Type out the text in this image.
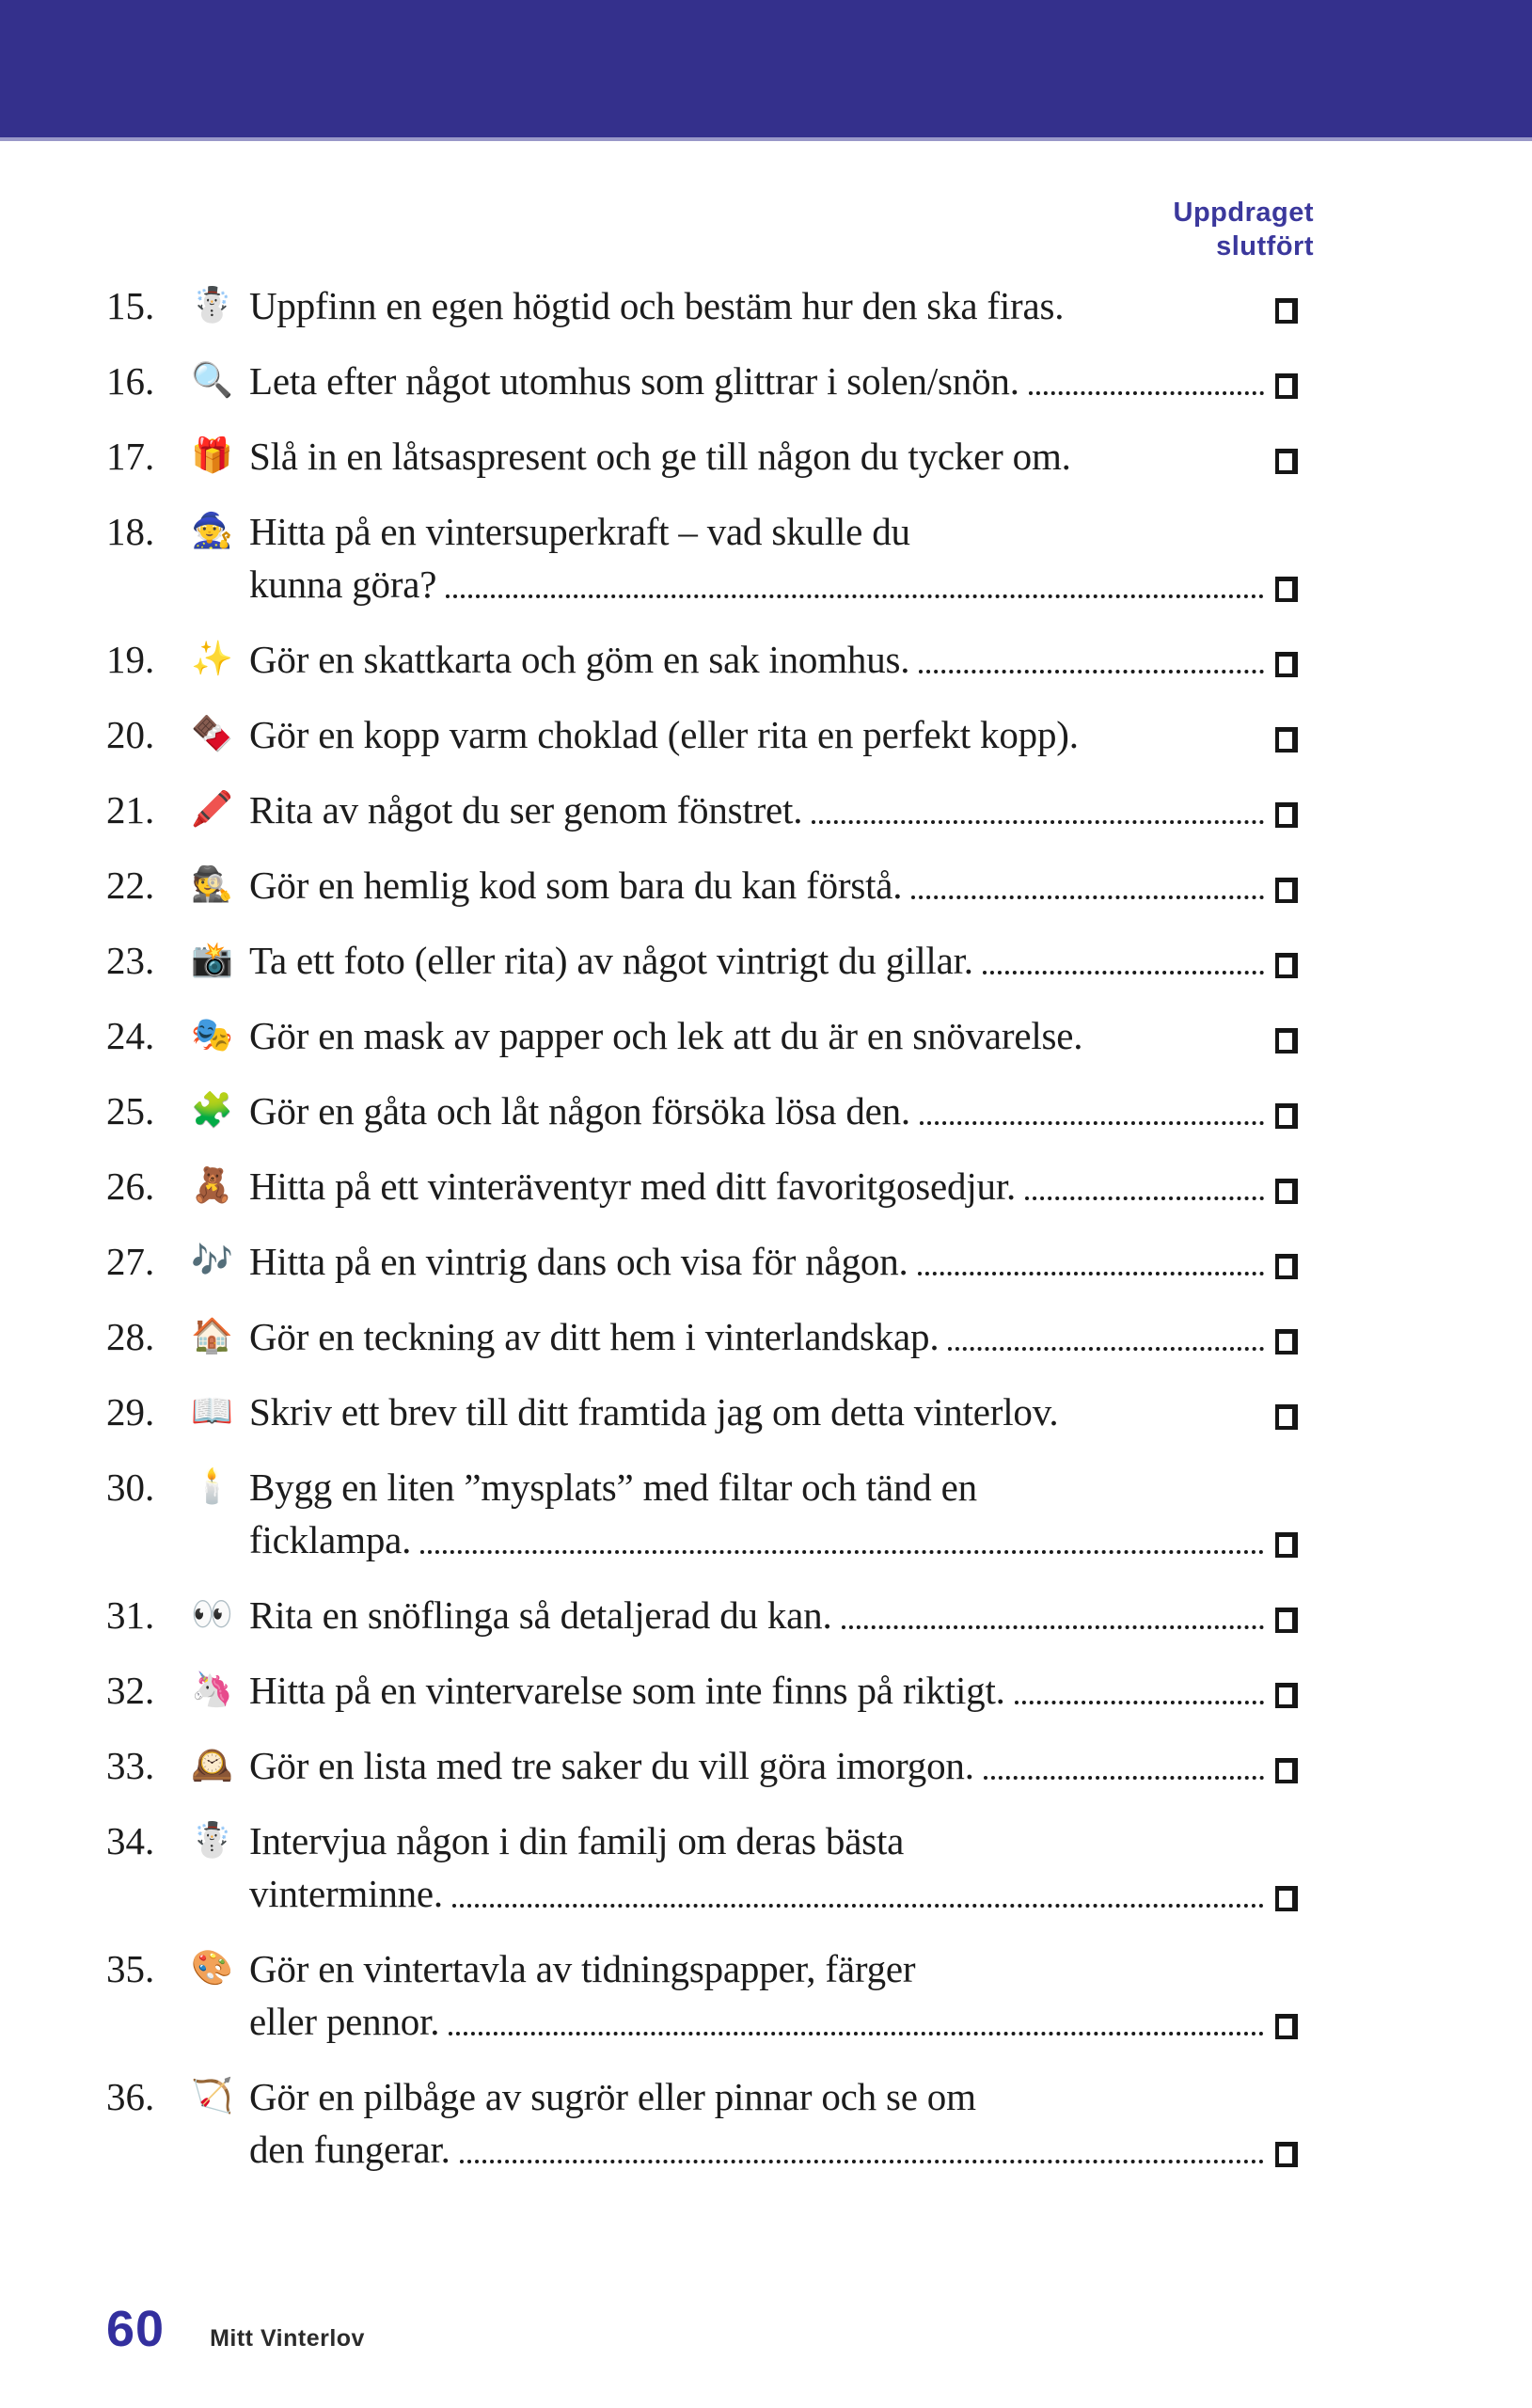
Uppdraget
slutfört
15.	☃️ Uppfinn en egen högtid och bestäm hur den ska firas.
16.	🔍 Leta efter något utomhus som glittrar i solen/snön.
17.	🎁 Slå in en låtsaspresent och ge till någon du tycker om.
18.	🧙 Hitta på en vintersuperkraft – vad skulle du
kunna göra?
19.	✨ Gör en skattkarta och göm en sak inomhus.
20.	🍫 Gör en kopp varm choklad (eller rita en perfekt kopp).
21.	🖍️ Rita av något du ser genom fönstret.
22.	🕵️ Gör en hemlig kod som bara du kan förstå.
23.	📸 Ta ett foto (eller rita) av något vintrigt du gillar.
24.	🎭 Gör en mask av papper och lek att du är en snövarelse.
25.	🧩 Gör en gåta och låt någon försöka lösa den.
26.	🧸 Hitta på ett vinteräventyr med ditt favoritgosedjur.
27.	🎶 Hitta på en vintrig dans och visa för någon.
28.	🏠 Gör en teckning av ditt hem i vinterlandskap.
29.	📖 Skriv ett brev till ditt framtida jag om detta vinterlov.
30.	🕯️ Bygg en liten ”mysplats” med filtar och tänd en
ficklampa.
31.	👀 Rita en snöflinga så detaljerad du kan.
32.	🦄 Hitta på en vintervarelse som inte finns på riktigt.
33.	🕰️ Gör en lista med tre saker du vill göra imorgon.
34.	☃️ Intervjua någon i din familj om deras bästa
vinterminne.
35.	🎨 Gör en vintertavla av tidningspapper, färger
eller pennor.
36.	🏹 Gör en pilbåge av sugrör eller pinnar och se om
den fungerar.
60 Mitt Vinterlov
